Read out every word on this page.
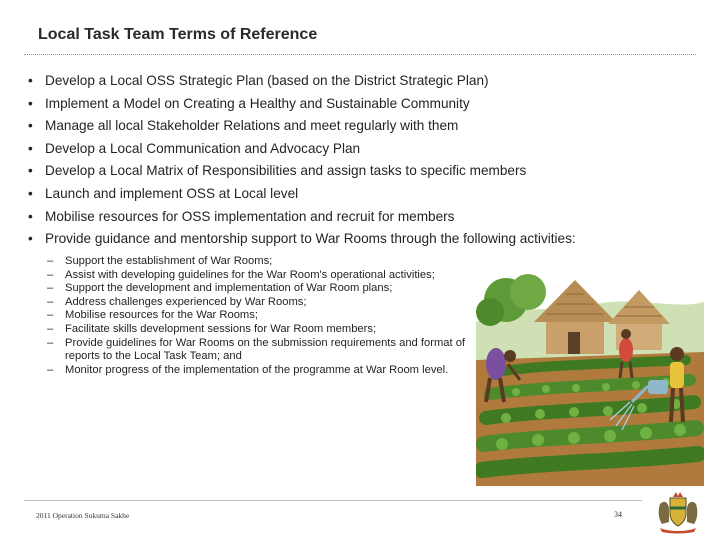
Local Task Team Terms of Reference
• Develop a Local OSS Strategic Plan (based on the District Strategic Plan)
• Implement a Model on Creating a Healthy and Sustainable Community
• Manage all local Stakeholder Relations and meet regularly with them
• Develop a Local Communication and Advocacy Plan
• Develop a Local Matrix of Responsibilities and assign tasks to specific members
• Launch and implement OSS at Local level
• Mobilise resources for OSS implementation and recruit for members
• Provide guidance and mentorship support to War Rooms through the following activities:
– Support the establishment of War Rooms;
– Assist with developing guidelines for the War Room's operational activities;
– Support the development and implementation of War Room plans;
– Address challenges experienced by War Rooms;
– Mobilise resources for the War Rooms;
– Facilitate skills development sessions for War Room members;
– Provide guidelines for War Rooms on the submission requirements and format of reports to the Local Task Team; and
– Monitor progress of the implementation of the programme at War Room level.
2011 Operation Sukuma Sakhe	34
